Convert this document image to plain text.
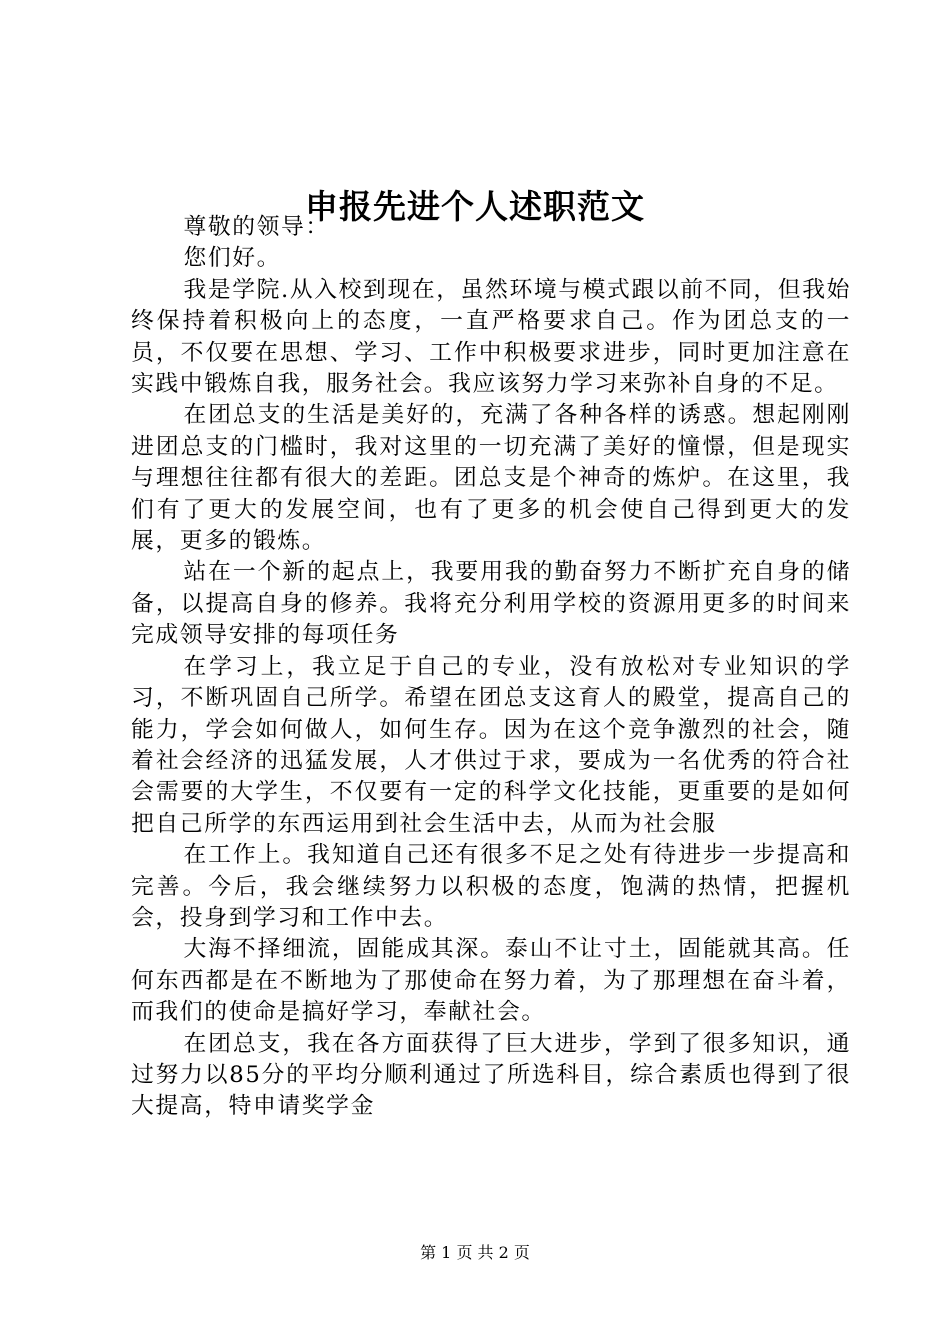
申报先进个人述职范文

尊敬的领导：

您们好。

我是学院.从入校到现在，虽然环境与模式跟以前不同，但我始终保持着积极向上的态度，一直严格要求自己。作为团总支的一员，不仅要在思想、学习、工作中积极要求进步，同时更加注意在实践中锻炼自我，服务社会。我应该努力学习来弥补自身的不足。

在团总支的生活是美好的，充满了各种各样的诱惑。想起刚刚进团总支的门槛时，我对这里的一切充满了美好的憧憬，但是现实与理想往往都有很大的差距。团总支是个神奇的炼炉。在这里，我们有了更大的发展空间，也有了更多的机会使自己得到更大的发展，更多的锻炼。

站在一个新的起点上，我要用我的勤奋努力不断扩充自身的储备，以提高自身的修养。我将充分利用学校的资源用更多的时间来完成领导安排的每项任务

在学习上，我立足于自己的专业，没有放松对专业知识的学习，不断巩固自己所学。希望在团总支这育人的殿堂，提高自己的能力，学会如何做人，如何生存。因为在这个竞争激烈的社会，随着社会经济的迅猛发展，人才供过于求，要成为一名优秀的符合社会需要的大学生，不仅要有一定的科学文化技能，更重要的是如何把自己所学的东西运用到社会生活中去，从而为社会服

在工作上。我知道自己还有很多不足之处有待进步一步提高和完善。今后，我会继续努力以积极的态度，饱满的热情，把握机会，投身到学习和工作中去。

大海不择细流，固能成其深。泰山不让寸土，固能就其高。任何东西都是在不断地为了那使命在努力着，为了那理想在奋斗着，而我们的使命是搞好学习，奉献社会。

在团总支，我在各方面获得了巨大进步，学到了很多知识，通过努力以85分的平均分顺利通过了所选科目，综合素质也得到了很大提高，特申请奖学金

第 1 页 共 2 页
